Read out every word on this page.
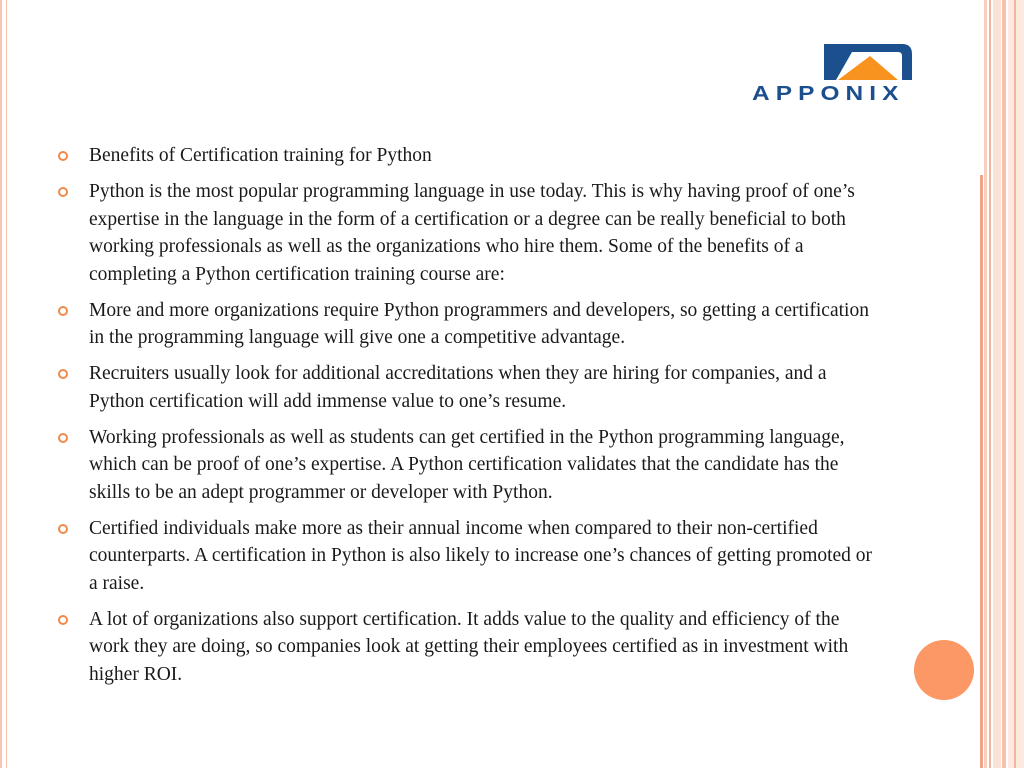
APPONIX
Benefits of Certification training for Python
Python is the most popular programming language in use today. This is why having proof of one’s expertise in the language in the form of a certification or a degree can be really beneficial to both working professionals as well as the organizations who hire them. Some of the benefits of a completing a Python certification training course are:
More and more organizations require Python programmers and developers, so getting a certification in the programming language will give one a competitive advantage.
Recruiters usually look for additional accreditations when they are hiring for companies, and a Python certification will add immense value to one’s resume.
Working professionals as well as students can get certified in the Python programming language, which can be proof of one’s expertise. A Python certification validates that the candidate has the skills to be an adept programmer or developer with Python.
Certified individuals make more as their annual income when compared to their non-certified counterparts. A certification in Python is also likely to increase one’s chances of getting promoted or a raise.
A lot of organizations also support certification. It adds value to the quality and efficiency of the work they are doing, so companies look at getting their employees certified as in investment with higher ROI.
